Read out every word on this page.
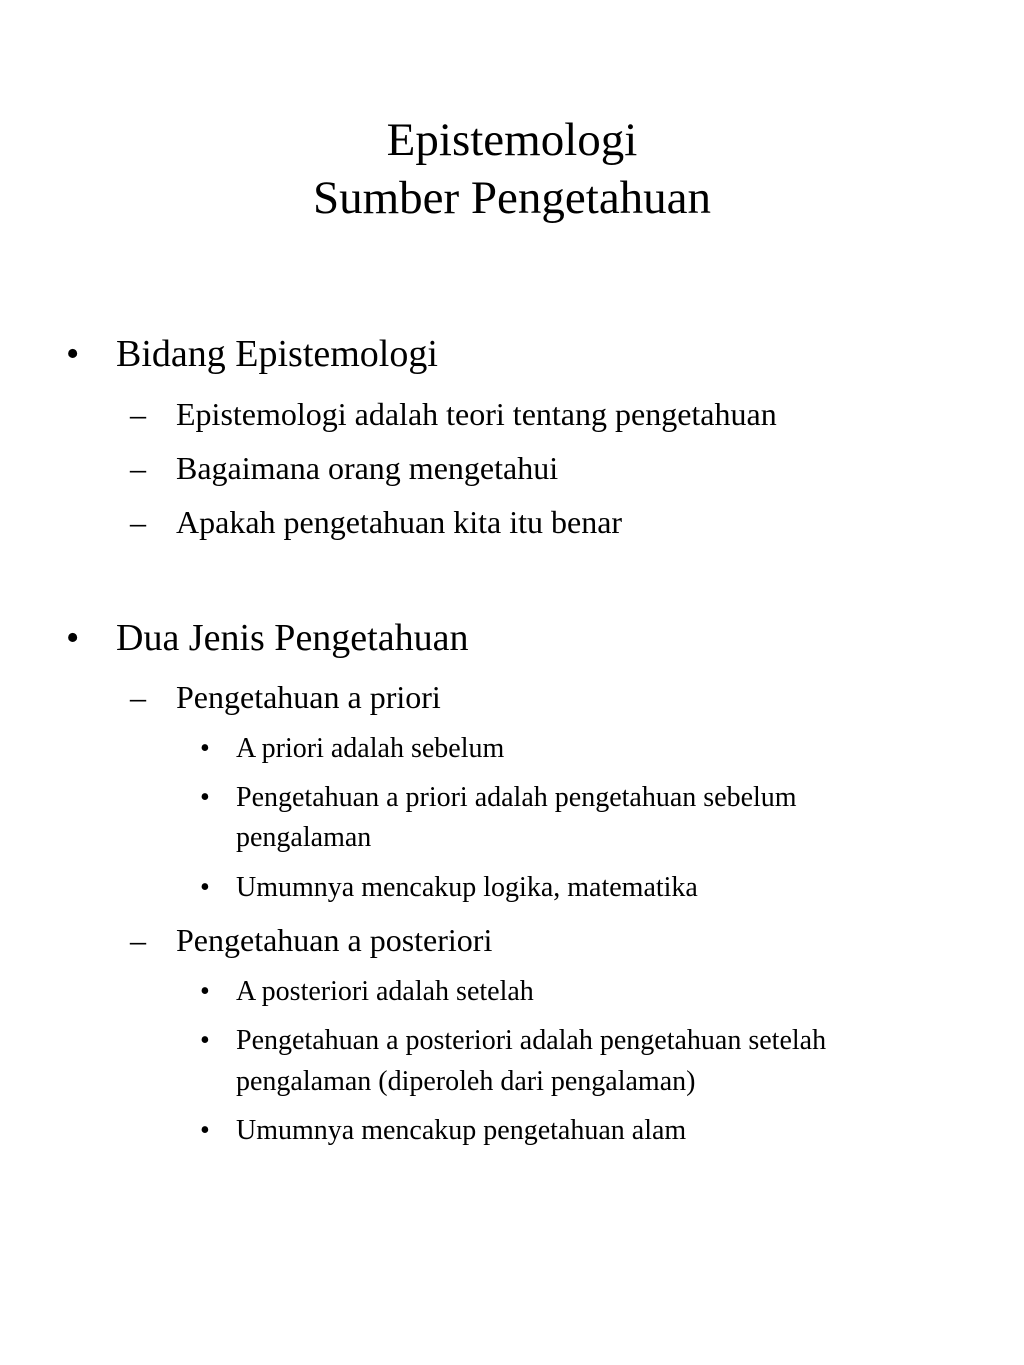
Epistemologi
Sumber Pengetahuan
• Bidang Epistemologi
– Epistemologi adalah teori tentang pengetahuan
– Bagaimana orang mengetahui
– Apakah pengetahuan kita itu benar
• Dua Jenis Pengetahuan
– Pengetahuan a priori
• A priori adalah sebelum
• Pengetahuan a priori adalah pengetahuan sebelum
pengalaman
• Umumnya mencakup logika, matematika
– Pengetahuan a posteriori
• A posteriori adalah setelah
• Pengetahuan a posteriori adalah pengetahuan setelah
pengalaman (diperoleh dari pengalaman)
• Umumnya mencakup pengetahuan alam
